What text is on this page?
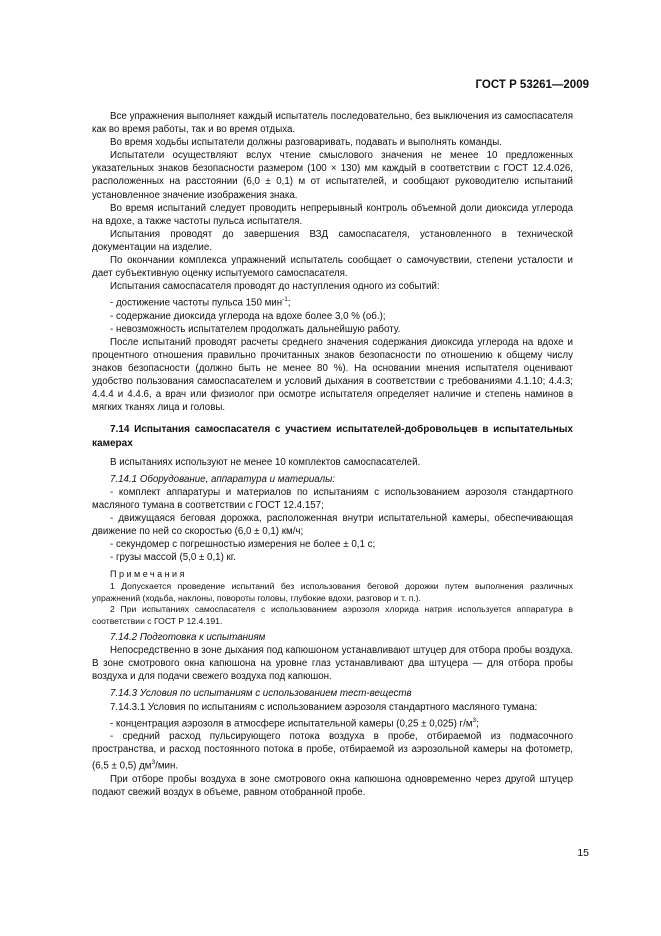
ГОСТ Р 53261—2009

Все упражнения выполняет каждый испытатель последовательно, без выключения из самоспасателя как во время работы, так и во время отдыха.

Во время ходьбы испытатели должны разговаривать, подавать и выполнять команды.

Испытатели осуществляют вслух чтение смыслового значения не менее 10 предложенных указательных знаков безопасности размером (100 × 130) мм каждый в соответствии с ГОСТ 12.4.026, расположенных на расстоянии (6,0 ± 0,1) м от испытателей, и сообщают руководителю испытаний установленное значение изображения знака.

Во время испытаний следует проводить непрерывный контроль объемной доли диоксида углерода на вдохе, а также частоты пульса испытателя.

Испытания проводят до завершения ВЗД самоспасателя, установленного в технической документации на изделие.

По окончании комплекса упражнений испытатель сообщает о самочувствии, степени усталости и дает субъективную оценку испытуемого самоспасателя.

Испытания самоспасателя проводят до наступления одного из событий:

- достижение частоты пульса 150 мин$^{-1}$;

- содержание диоксида углерода на вдохе более 3,0 % (об.);

- невозможность испытателем продолжать дальнейшую работу.

После испытаний проводят расчеты среднего значения содержания диоксида углерода на вдохе и процентного отношения правильно прочитанных знаков безопасности по отношению к общему числу знаков безопасности (должно быть не менее 80 %). На основании мнения испытателя оценивают удобство пользования самоспасателем и условий дыхания в соответствии с требованиями 4.1.10; 4.4.3; 4.4.4 и 4.4.6, а врач или физиолог при осмотре испытателя определяет наличие и степень наминов в мягких тканях лица и головы.

7.14 Испытания самоспасателя с участием испытателей-добровольцев в испытательных камерах

В испытаниях используют не менее 10 комплектов самоспасателей.

7.14.1 Оборудование, аппаратура и материалы:

- комплект аппаратуры и материалов по испытаниям с использованием аэрозоля стандартного масляного тумана в соответствии с ГОСТ 12.4.157;

- движущаяся беговая дорожка, расположенная внутри испытательной камеры, обеспечивающая движение по ней со скоростью (6,0 ± 0,1) км/ч;

- секундомер с погрешностью измерения не более ± 0,1 с;

- грузы массой (5,0 ± 0,1) кг.

Примечания

1 Допускается проведение испытаний без использования беговой дорожки путем выполнения различных упражнений (ходьба, наклоны, повороты головы, глубокие вдохи, разговор и т. п.).

2 При испытаниях самоспасателя с использованием аэрозоля хлорида натрия используется аппаратура в соответствии с ГОСТ Р 12.4.191.

7.14.2 Подготовка к испытаниям

Непосредственно в зоне дыхания под капюшоном устанавливают штуцер для отбора пробы воздуха. В зоне смотрового окна капюшона на уровне глаз устанавливают два штуцера — для отбора пробы воздуха и для подачи свежего воздуха под капюшон.

7.14.3 Условия по испытаниям с использованием тест-веществ

7.14.3.1 Условия по испытаниям с использованием аэрозоля стандартного масляного тумана:

- концентрация аэрозоля в атмосфере испытательной камеры (0,25 ± 0,025) $г/м^3$;

- средний расход пульсирующего потока воздуха в пробе, отбираемой из подмасочного пространства, и расход постоянного потока в пробе, отбираемой из аэрозольной камеры на фотометр, (6,5 ± 0,5) $дм^3$/мин.

При отборе пробы воздуха в зоне смотрового окна капюшона одновременно через другой штуцер подают свежий воздух в объеме, равном отобранной пробе.

15
